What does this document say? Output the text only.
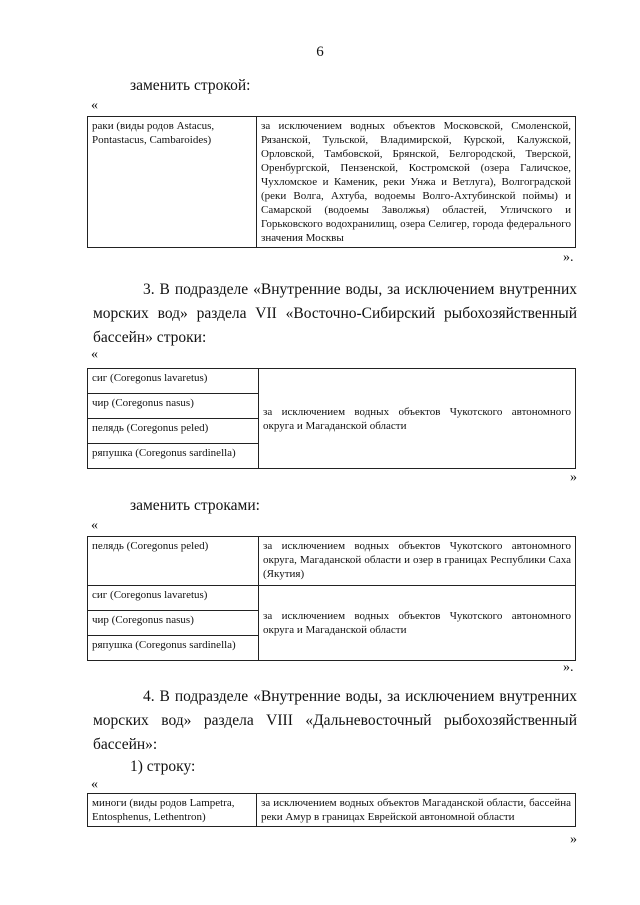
6
заменить строкой:
«
раки (виды родов Astacus, Pontastacus, Cambaroides)	за исключением водных объектов Московской, Смоленской, Рязанской, Тульской, Владимирской, Курской, Калужской, Орловской, Тамбовской, Брянской, Белгородской, Тверской, Оренбургской, Пензенской, Костромской (озера Галичское, Чухломское и Каменик, реки Унжа и Ветлуга), Волгоградской (реки Волга, Ахтуба, водоемы Волго-Ахтубинской поймы) и Самарской (водоемы Заволжья) областей, Угличского и Горьковского водохранилищ, озера Селигер, города федерального значения Москвы
».
3. В подразделе «Внутренние воды, за исключением внутренних морских вод» раздела VII «Восточно-Сибирский рыбохозяйственный бассейн» строки:
«
сиг (Coregonus lavaretus)	за исключением водных объектов Чукотского автономного округа и Магаданской области
чир (Coregonus nasus)
пелядь (Coregonus peled)
ряпушка (Coregonus sardinella)
»
заменить строками:
«
пелядь (Coregonus peled)	за исключением водных объектов Чукотского автономного округа, Магаданской области и озер в границах Республики Саха (Якутия)
сиг (Coregonus lavaretus)	за исключением водных объектов Чукотского автономного округа и Магаданской области
чир (Coregonus nasus)	
ряпушка (Coregonus sardinella)	
».
4. В подразделе «Внутренние воды, за исключением внутренних морских вод» раздела VIII «Дальневосточный рыбохозяйственный бассейн»:
1) строку:
«
миноги (виды родов Lampetra, Entosphenus, Lethentron)	за исключением водных объектов Магаданской области, бассейна реки Амур в границах Еврейской автономной области
»
